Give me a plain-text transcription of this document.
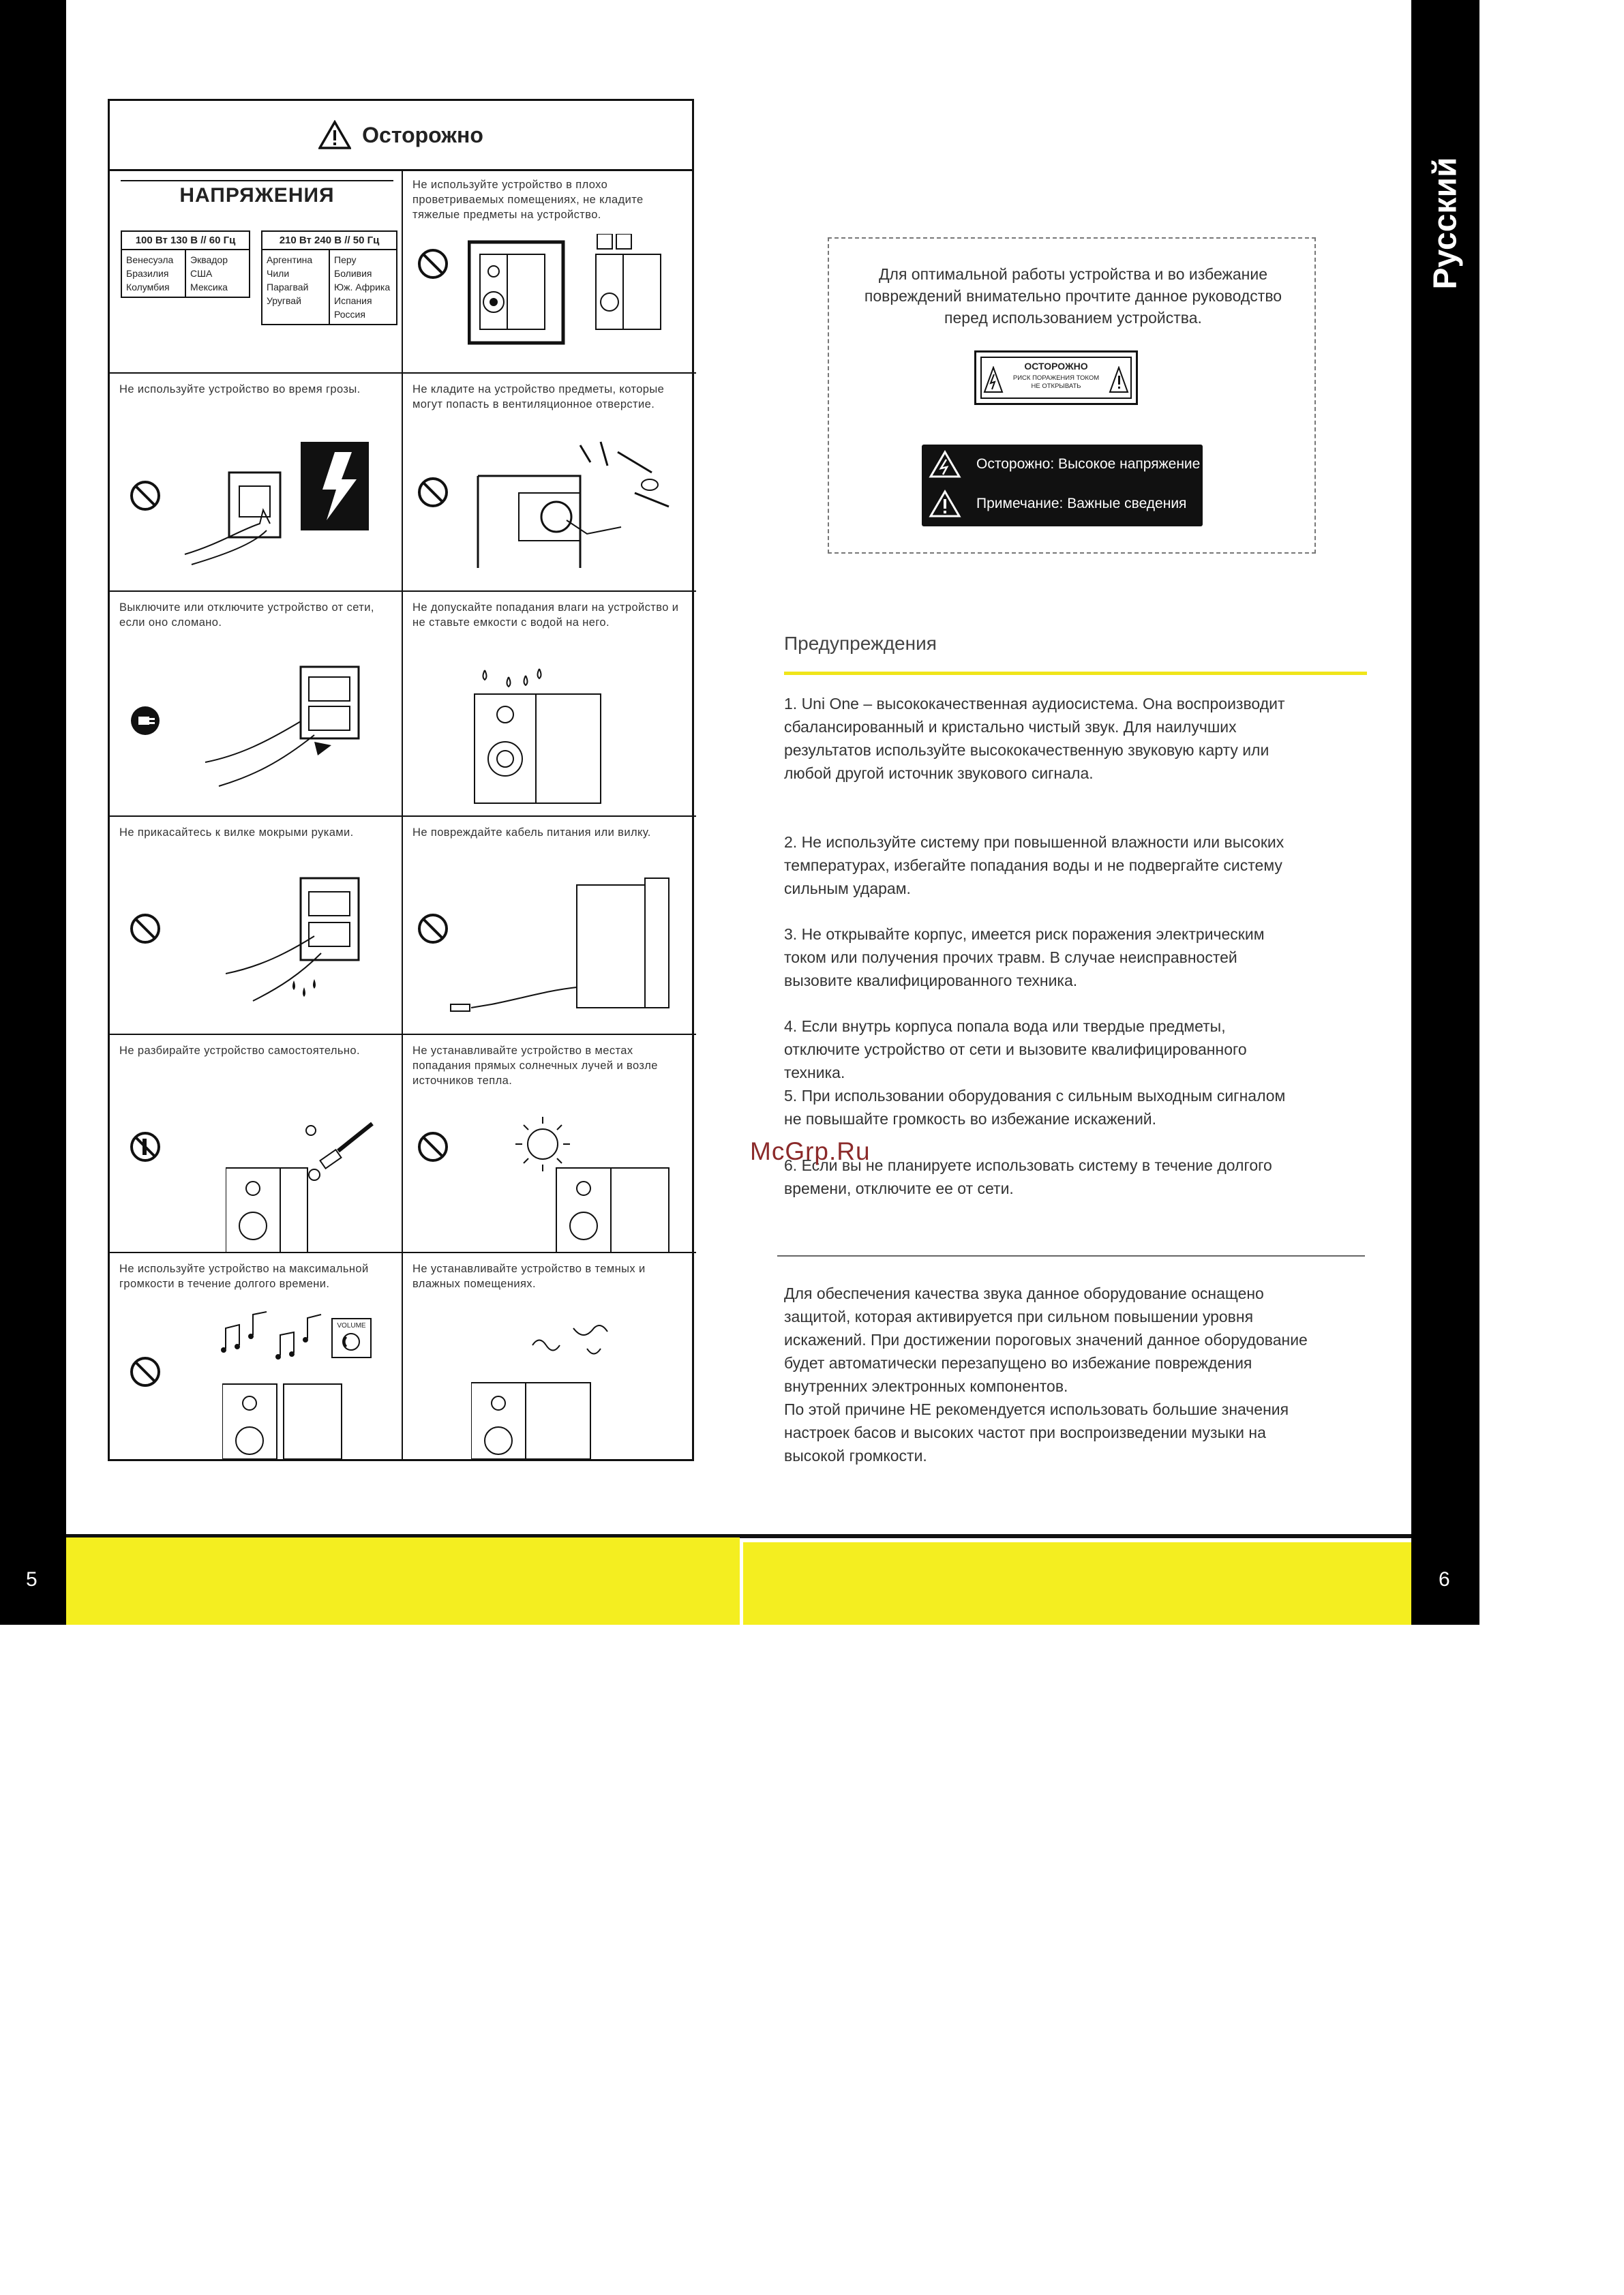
Русский
5	6
Осторожно
НАПРЯЖЕНИЯ
100 Вт 130 В // 60 Гц
Венесуэла
Бразилия
Колумбия
Эквадор
США
Мексика
210 Вт 240 В // 50 Гц
Аргентина
Чили
Парагвай
Уругвай
Перу
Боливия
Юж. Африка
Испания
Россия
Не используйте устройство в плохо проветриваемых помещениях, не кладите тяжелые предметы на устройство.
Не используйте устройство во время грозы.	Не кладите на устройство предметы, которые могут попасть в вентиляционное отверстие.
Выключите или отключите устройство от сети, если оно сломано.
Не допускайте попадания влаги на устройство и не ставьте емкости с водой на него.
Не прикасайтесь к вилке мокрыми руками.	Не повреждайте кабель питания или вилку.
Не разбирайте устройство самостоятельно.	Не устанавливайте устройство в местах попадания прямых солнечных лучей и возле источников тепла.
Не используйте устройство на максимальной громкости в течение долгого времени.
VOLUME
Не устанавливайте устройство в темных и влажных помещениях.
Для оптимальной работы устройства и во избежание повреждений внимательно прочтите данное руководство перед использованием устройства.
ОСТОРОЖНО
РИСК ПОРАЖЕНИЯ ТОКОМ
НЕ ОТКРЫВАТЬ
Осторожно: Высокое напряжение
Примечание: Важные сведения
Предупреждения
1. Uni One – высококачественная аудиосистема. Она воспроизводит сбалансированный и кристально чистый звук. Для наилучших результатов используйте высококачественную звуковую карту или любой другой источник звукового сигнала.
2. Не используйте систему при повышенной влажности или высоких температурах, избегайте попадания воды и не подвергайте систему сильным ударам.
3. Не открывайте корпус, имеется риск поражения электрическим током или получения прочих травм. В случае неисправностей вызовите квалифицированного техника.
4. Если внутрь корпуса попала вода или твердые предметы, отключите устройство от сети и вызовите квалифицированного техника.
5. При использовании оборудования с сильным выходным сигналом не повышайте громкость во избежание искажений.
6. Если вы не планируете использовать систему в течение долгого времени, отключите ее от сети.
McGrp.Ru
Для обеспечения качества звука данное оборудование оснащено защитой, которая активируется при сильном повышении уровня искажений. При достижении пороговых значений данное оборудование будет автоматически перезапущено во избежание повреждения внутренних электронных компонентов.
По этой причине НЕ рекомендуется использовать большие значения настроек басов и высоких частот при воспроизведении музыки на высокой громкости.
